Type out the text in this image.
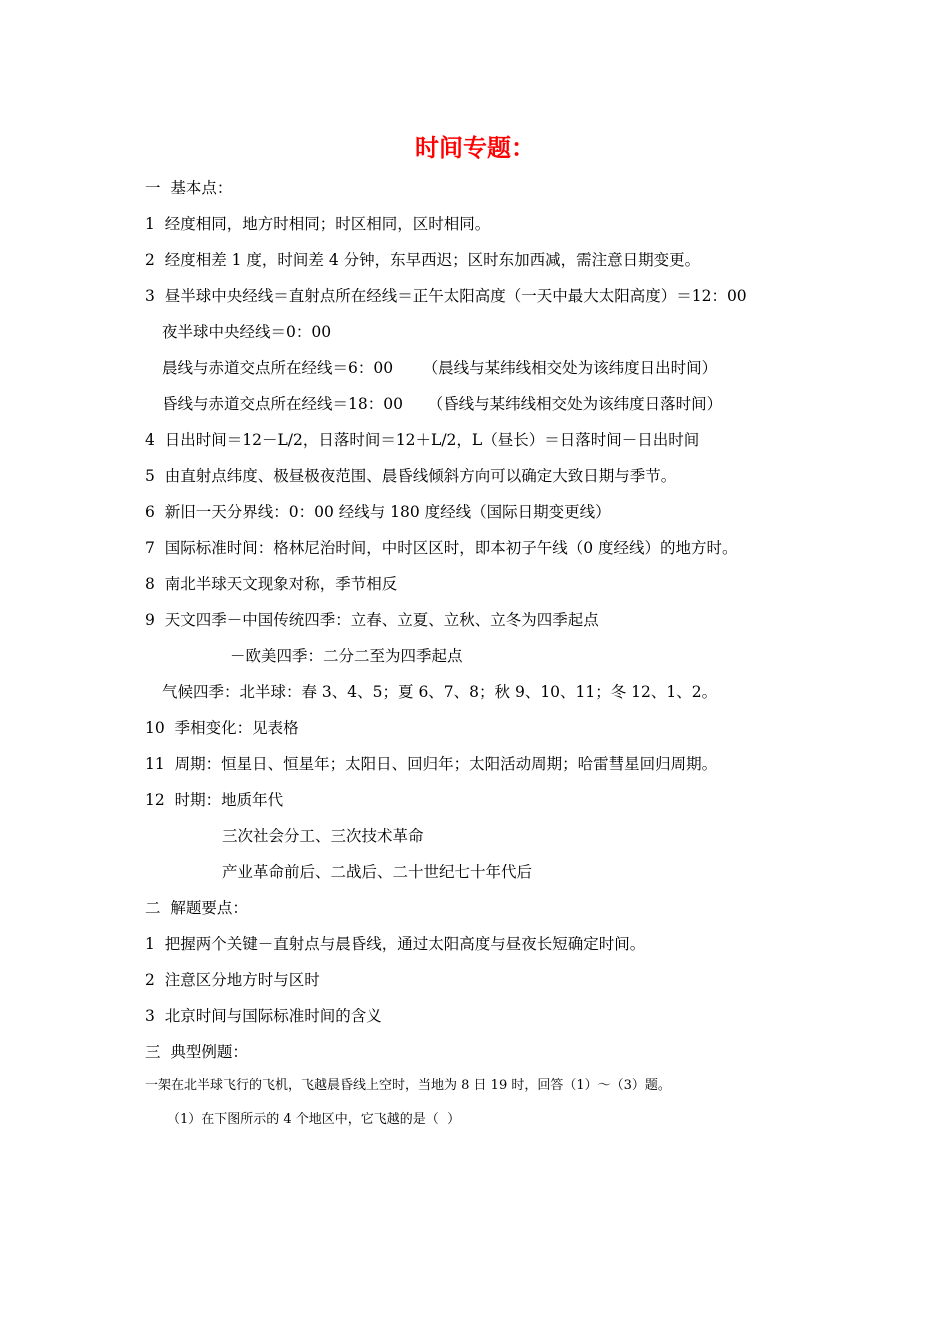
时间专题：
一  基本点：
1  经度相同，地方时相同；时区相同，区时相同。
2  经度相差 1 度，时间差 4 分钟，东早西迟；区时东加西减，需注意日期变更。
3  昼半球中央经线＝直射点所在经线＝正午太阳高度（一天中最大太阳高度）＝12：00
夜半球中央经线＝0：00
晨线与赤道交点所在经线＝6：00      （晨线与某纬线相交处为该纬度日出时间）
昏线与赤道交点所在经线＝18：00     （昏线与某纬线相交处为该纬度日落时间）
4  日出时间＝12－L/2，日落时间＝12＋L/2，L（昼长）＝日落时间－日出时间
5  由直射点纬度、极昼极夜范围、晨昏线倾斜方向可以确定大致日期与季节。
6  新旧一天分界线：0：00 经线与 180 度经线（国际日期变更线）
7  国际标准时间：格林尼治时间，中时区区时，即本初子午线（0 度经线）的地方时。
8  南北半球天文现象对称，季节相反
9  天文四季－中国传统四季：立春、立夏、立秋、立冬为四季起点
－欧美四季：二分二至为四季起点
气候四季：北半球：春 3、4、5；夏 6、7、8；秋 9、10、11；冬 12、1、2。
10  季相变化：见表格
11  周期：恒星日、恒星年；太阳日、回归年；太阳活动周期；哈雷彗星回归周期。
12  时期：地质年代
三次社会分工、三次技术革命
产业革命前后、二战后、二十世纪七十年代后
二  解题要点：
1  把握两个关键－直射点与晨昏线，通过太阳高度与昼夜长短确定时间。
2  注意区分地方时与区时
3  北京时间与国际标准时间的含义
三  典型例题：
一架在北半球飞行的飞机，飞越晨昏线上空时，当地为 8 日 19 时，回答（1）～（3）题。
（1）在下图所示的 4 个地区中，它飞越的是（  ）
